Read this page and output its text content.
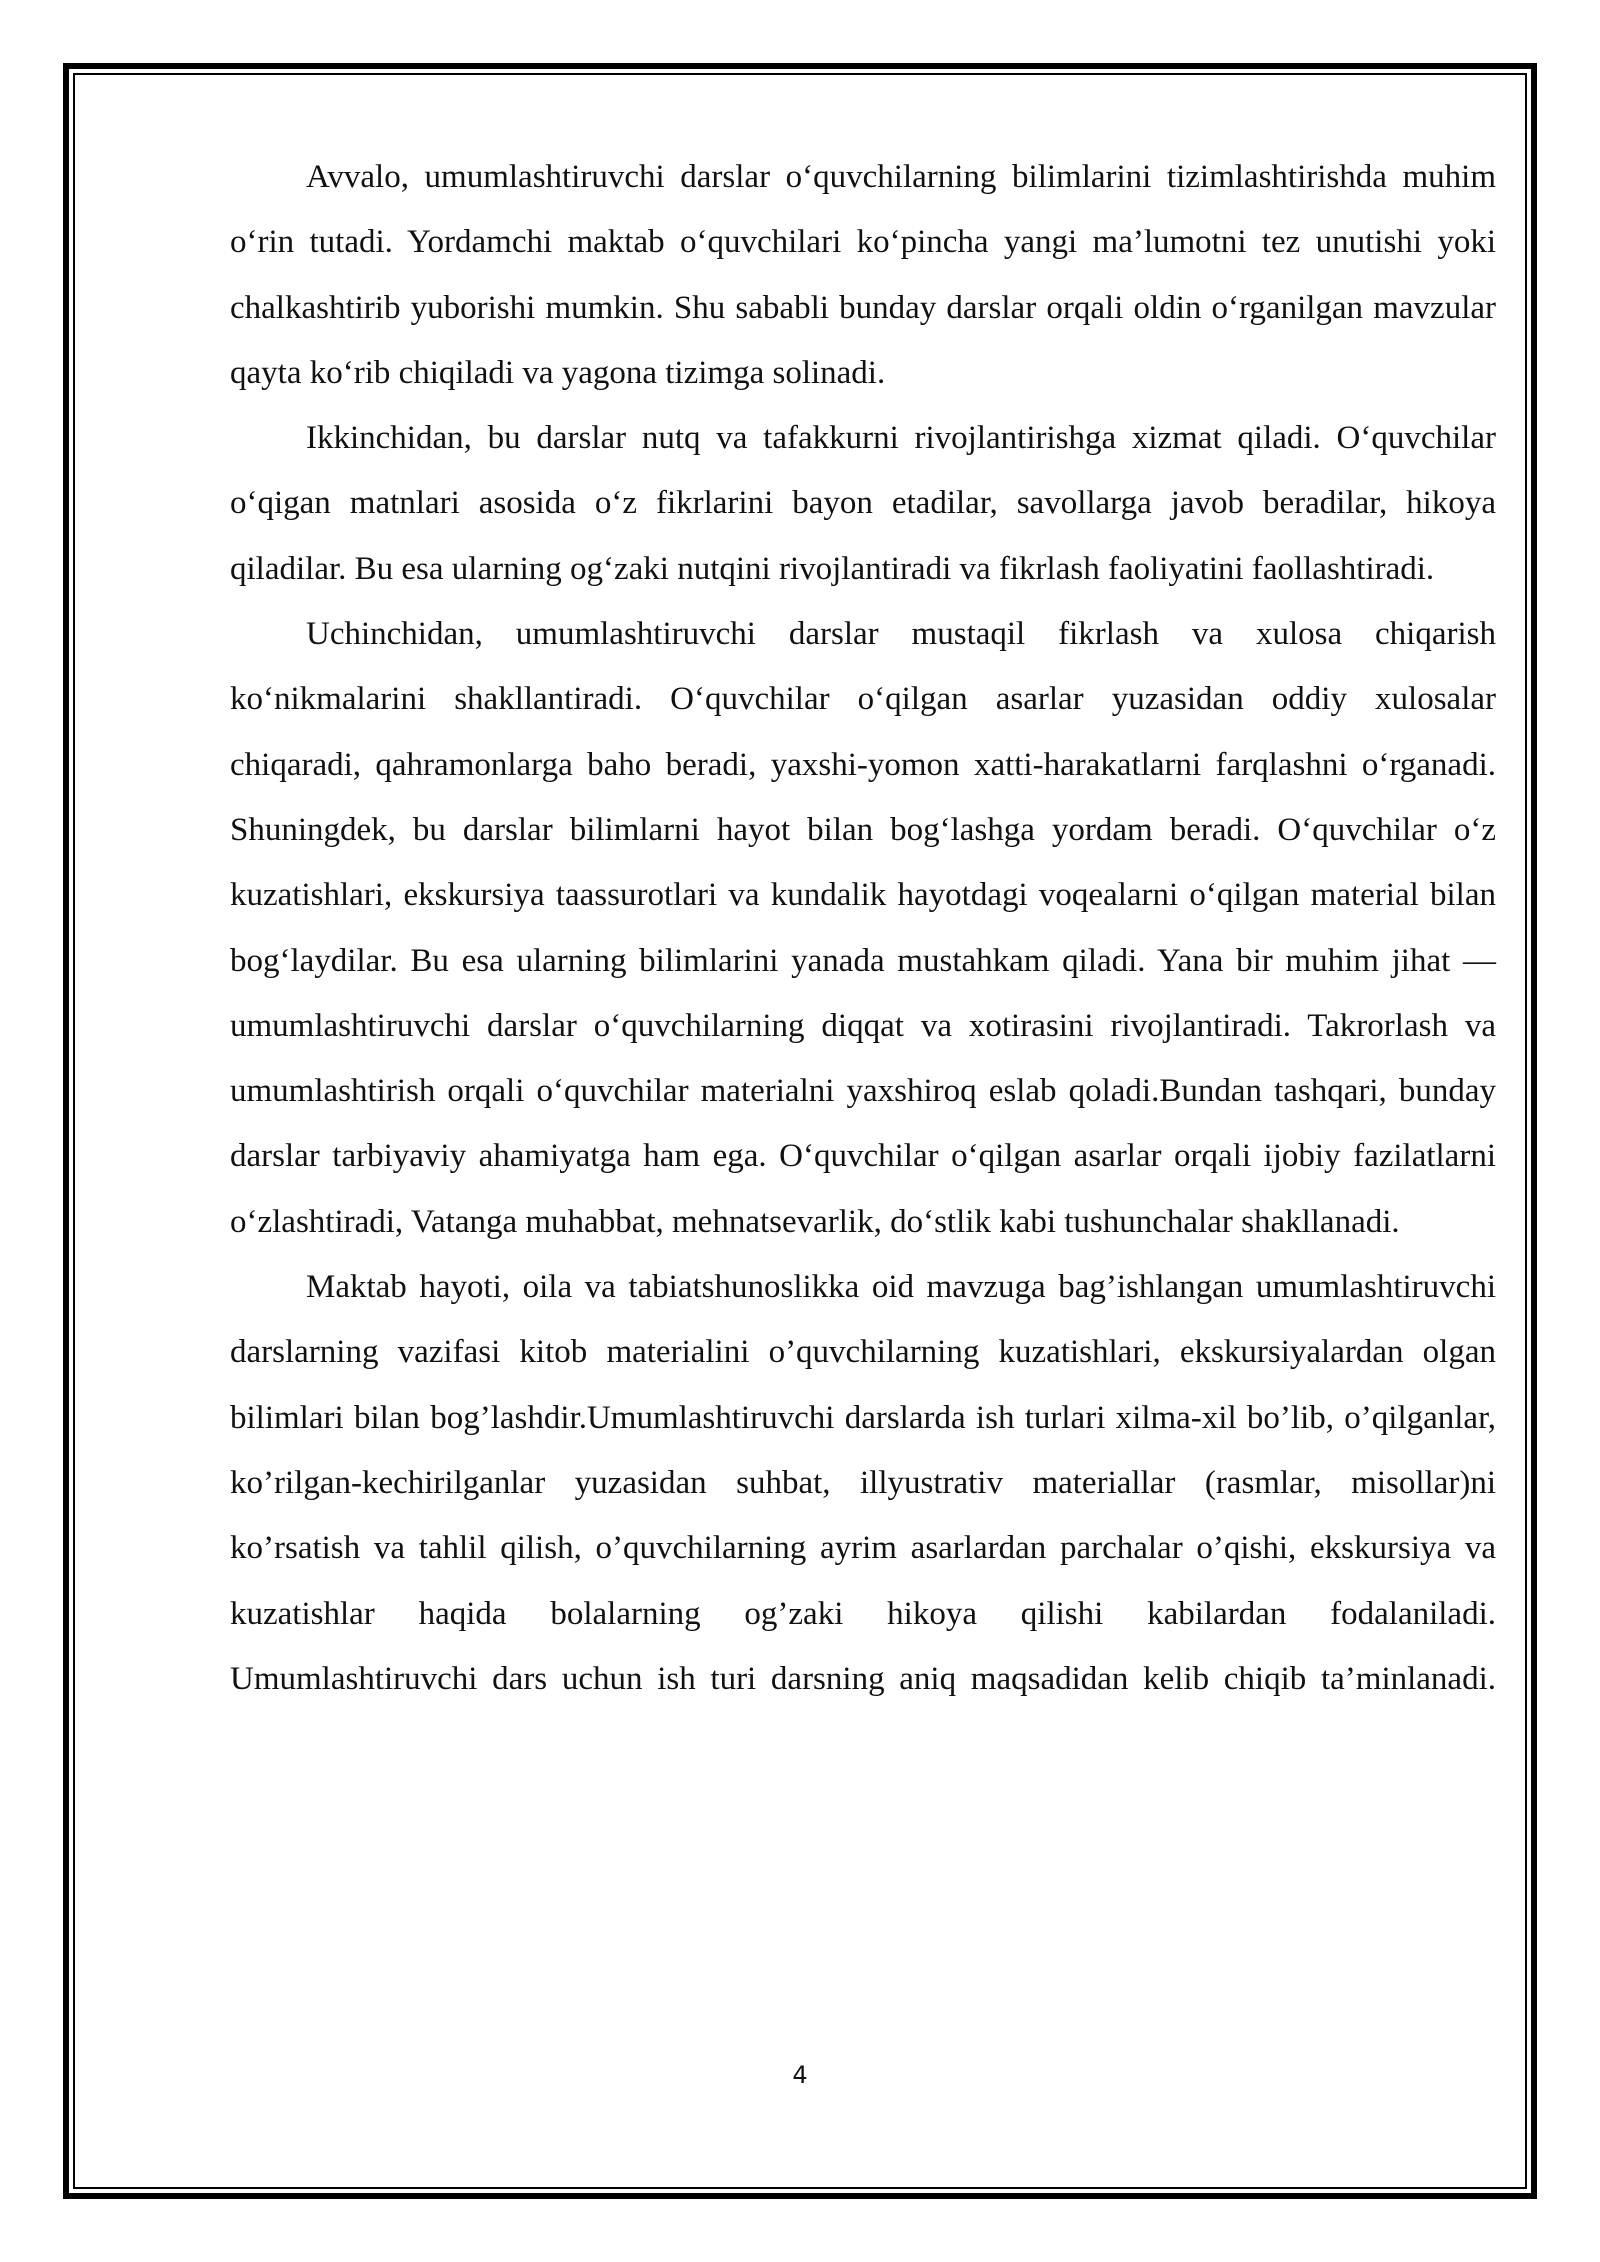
Avvalo, umumlashtiruvchi darslar o‘quvchilarning bilimlarini tizimlashtirishda muhim o‘rin tutadi. Yordamchi maktab o‘quvchilari ko‘pincha yangi ma’lumotni tez unutishi yoki chalkashtirib yuborishi mumkin. Shu sababli bunday darslar orqali oldin o‘rganilgan mavzular qayta ko‘rib chiqiladi va yagona tizimga solinadi.

Ikkinchidan, bu darslar nutq va tafakkurni rivojlantirishga xizmat qiladi. O‘quvchilar o‘qigan matnlari asosida o‘z fikrlarini bayon etadilar, savollarga javob beradilar, hikoya qiladilar. Bu esa ularning og‘zaki nutqini rivojlantiradi va fikrlash faoliyatini faollashtiradi.

Uchinchidan, umumlashtiruvchi darslar mustaqil fikrlash va xulosa chiqarish ko‘nikmalarini shakllantiradi. O‘quvchilar o‘qilgan asarlar yuzasidan oddiy xulosalar chiqaradi, qahramonlarga baho beradi, yaxshi-yomon xatti-harakatlarni farqlashni o‘rganadi. Shuningdek, bu darslar bilimlarni hayot bilan bog‘lashga yordam beradi. O‘quvchilar o‘z kuzatishlari, ekskursiya taassurotlari va kundalik hayotdagi voqealarni o‘qilgan material bilan bog‘laydilar. Bu esa ularning bilimlarini yanada mustahkam qiladi. Yana bir muhim jihat — umumlashtiruvchi darslar o‘quvchilarning diqqat va xotirasini rivojlantiradi. Takrorlash va umumlashtirish orqali o‘quvchilar materialni yaxshiroq eslab qoladi.Bundan tashqari, bunday darslar tarbiyaviy ahamiyatga ham ega. O‘quvchilar o‘qilgan asarlar orqali ijobiy fazilatlarni o‘zlashtiradi, Vatanga muhabbat, mehnatsevarlik, do‘stlik kabi tushunchalar shakllanadi.

Maktab hayoti, oila va tabiatshunoslikka oid mavzuga bag’ishlangan umumlashtiruvchi darslarning vazifasi kitob materialini o’quvchilarning kuzatishlari, ekskursiyalardan olgan bilimlari bilan bog’lashdir.Umumlashtiruvchi darslarda ish turlari xilma-xil bo’lib, o’qilganlar, ko’rilgan-kechirilganlar yuzasidan suhbat, illyustrativ materiallar (rasmlar, misollar)ni ko’rsatish va tahlil qilish, o’quvchilarning ayrim asarlardan parchalar o’qishi, ekskursiya va kuzatishlar haqida bolalarning og’zaki hikoya qilishi kabilardan fodalaniladi. Umumlashtiruvchi dars uchun ish turi darsning aniq maqsadidan kelib chiqib ta’minlanadi.

4
